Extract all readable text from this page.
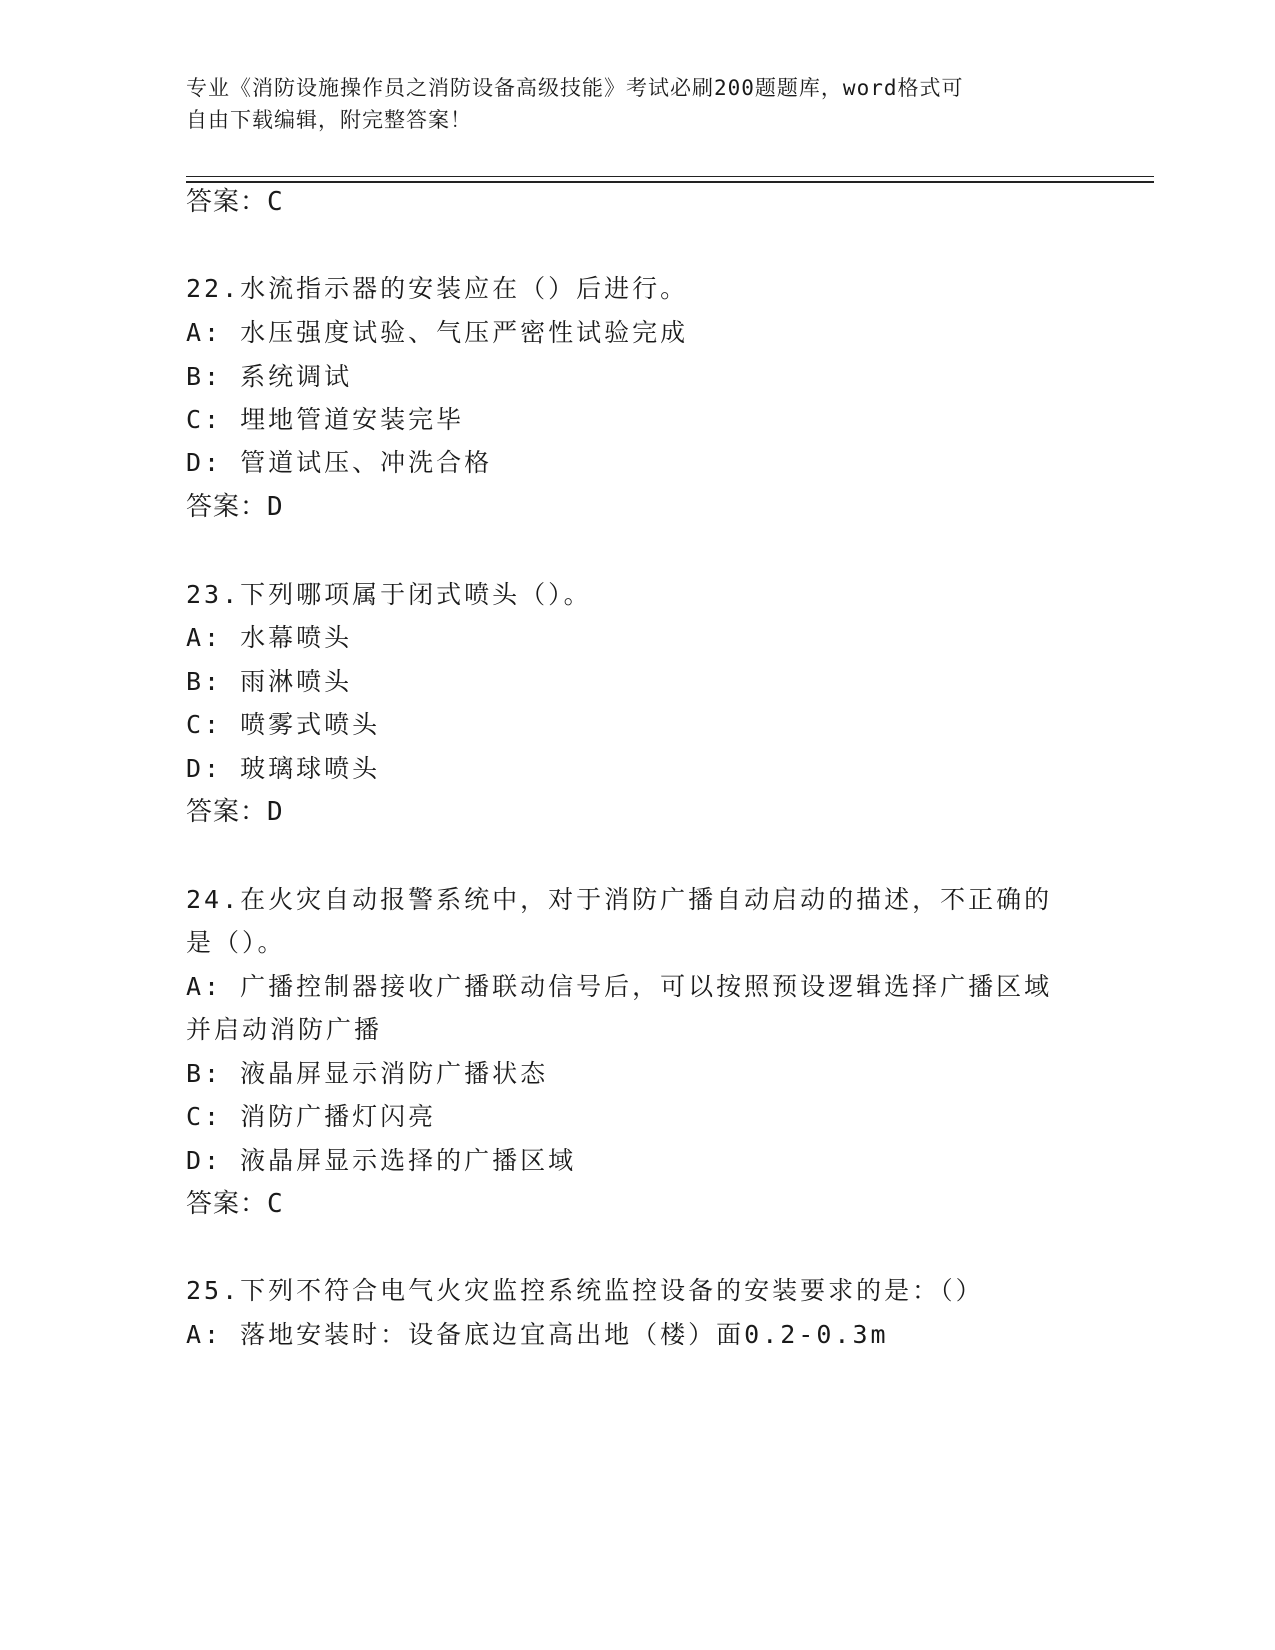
专业《消防设施操作员之消防设备高级技能》考试必刷200题题库，word格式可
自由下载编辑，附完整答案！
答案：C
22.水流指示器的安装应在（）后进行。
A: 水压强度试验、气压严密性试验完成
B: 系统调试
C: 埋地管道安装完毕
D: 管道试压、冲洗合格
答案：D
23.下列哪项属于闭式喷头（）。
A: 水幕喷头
B: 雨淋喷头
C: 喷雾式喷头
D: 玻璃球喷头
答案：D
24.在火灾自动报警系统中，对于消防广播自动启动的描述，不正确的
是（）。
A: 广播控制器接收广播联动信号后，可以按照预设逻辑选择广播区域
并启动消防广播
B: 液晶屏显示消防广播状态
C: 消防广播灯闪亮
D: 液晶屏显示选择的广播区域
答案：C
25.下列不符合电气火灾监控系统监控设备的安装要求的是：（）
A: 落地安装时：设备底边宜高出地（楼）面0.2-0.3m
